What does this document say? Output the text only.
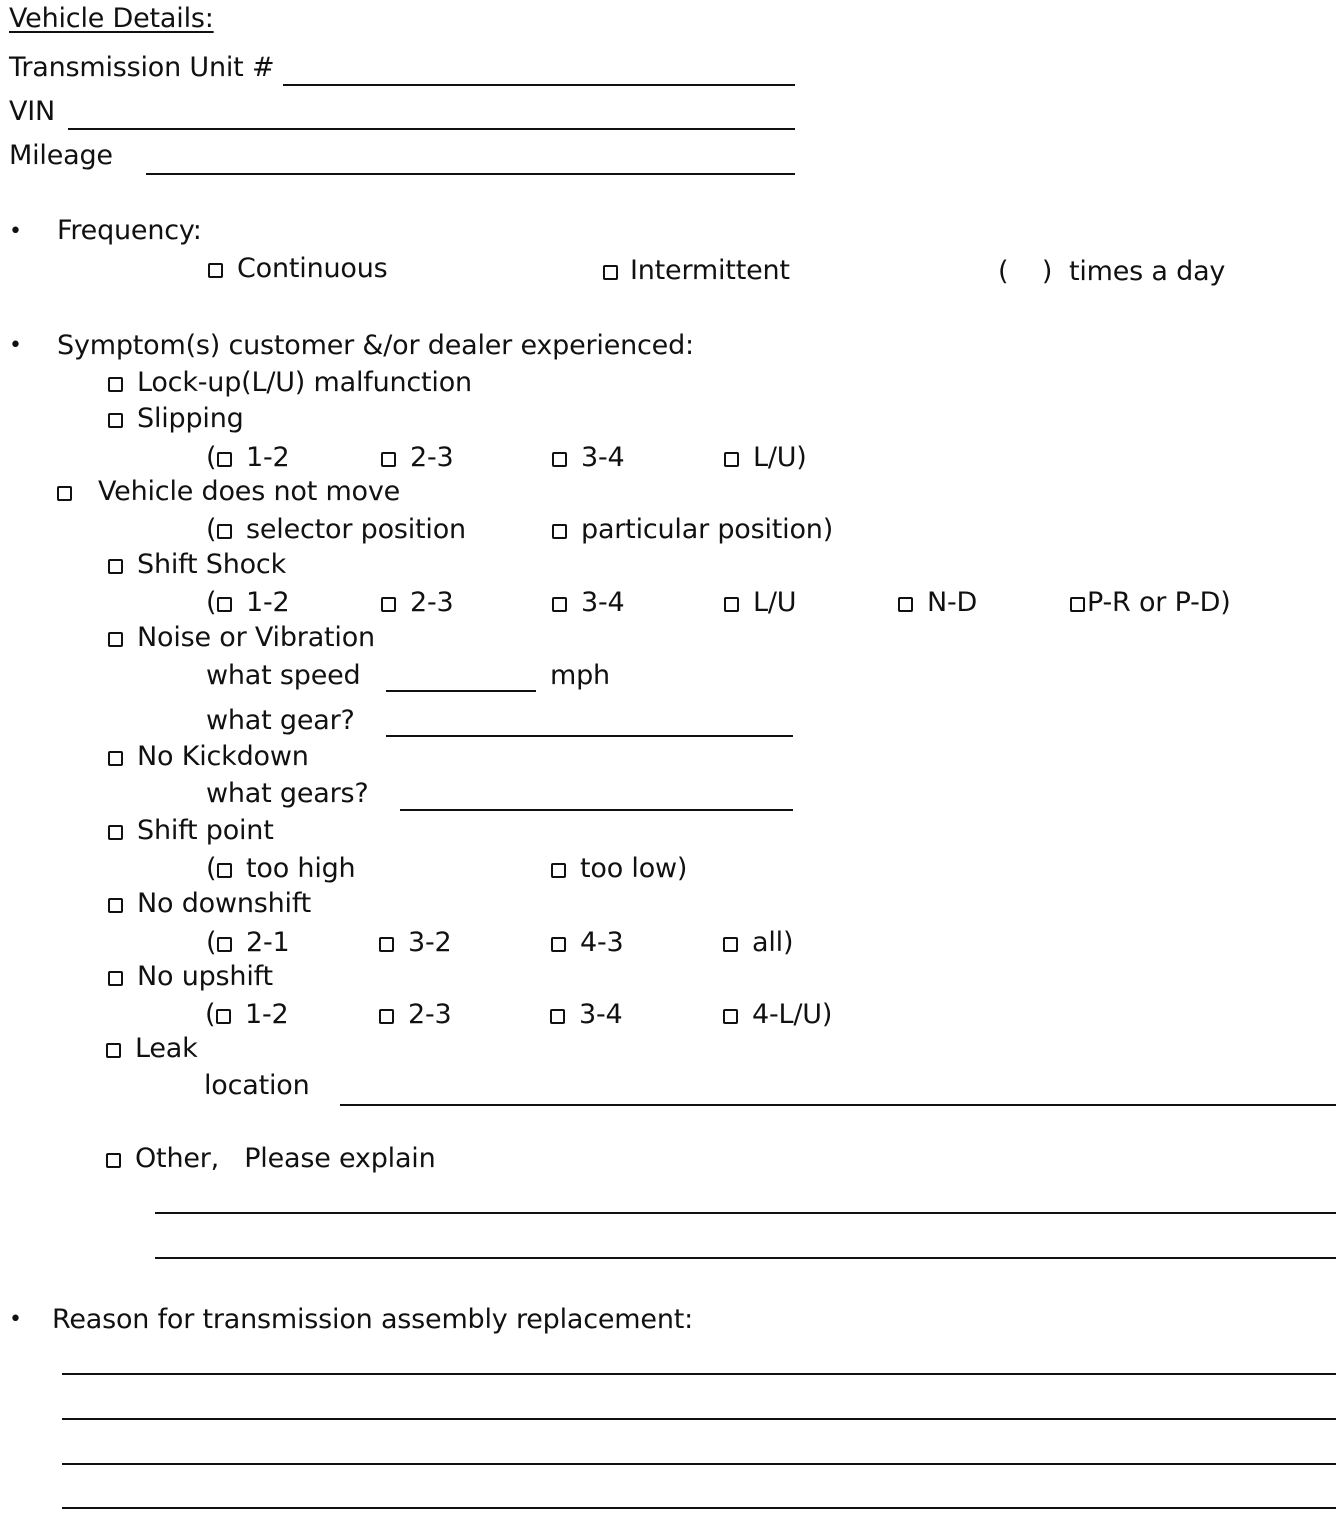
Vehicle Details:
Transmission Unit #
VIN
Mileage
• Frequency:
Continuous	Intermittent	(    )  times a day
• Symptom(s) customer &/or dealer experienced:
Lock-up(L/U) malfunction
Slipping
(	1-2	2-3	3-4	L/U)
Vehicle does not move
(	selector position	particular position)
Shift Shock
(	1-2	2-3	3-4	L/U	N-D	P-R or P-D)
Noise or Vibration
what speed	mph
what gear?
No Kickdown
what gears?
Shift point
(	too high	too low)
No downshift
(	2-1	3-2	4-3	all)
No upshift
(	1-2	2-3	3-4	4-L/U)
Leak
location
Other,   Please explain
• Reason for transmission assembly replacement:
